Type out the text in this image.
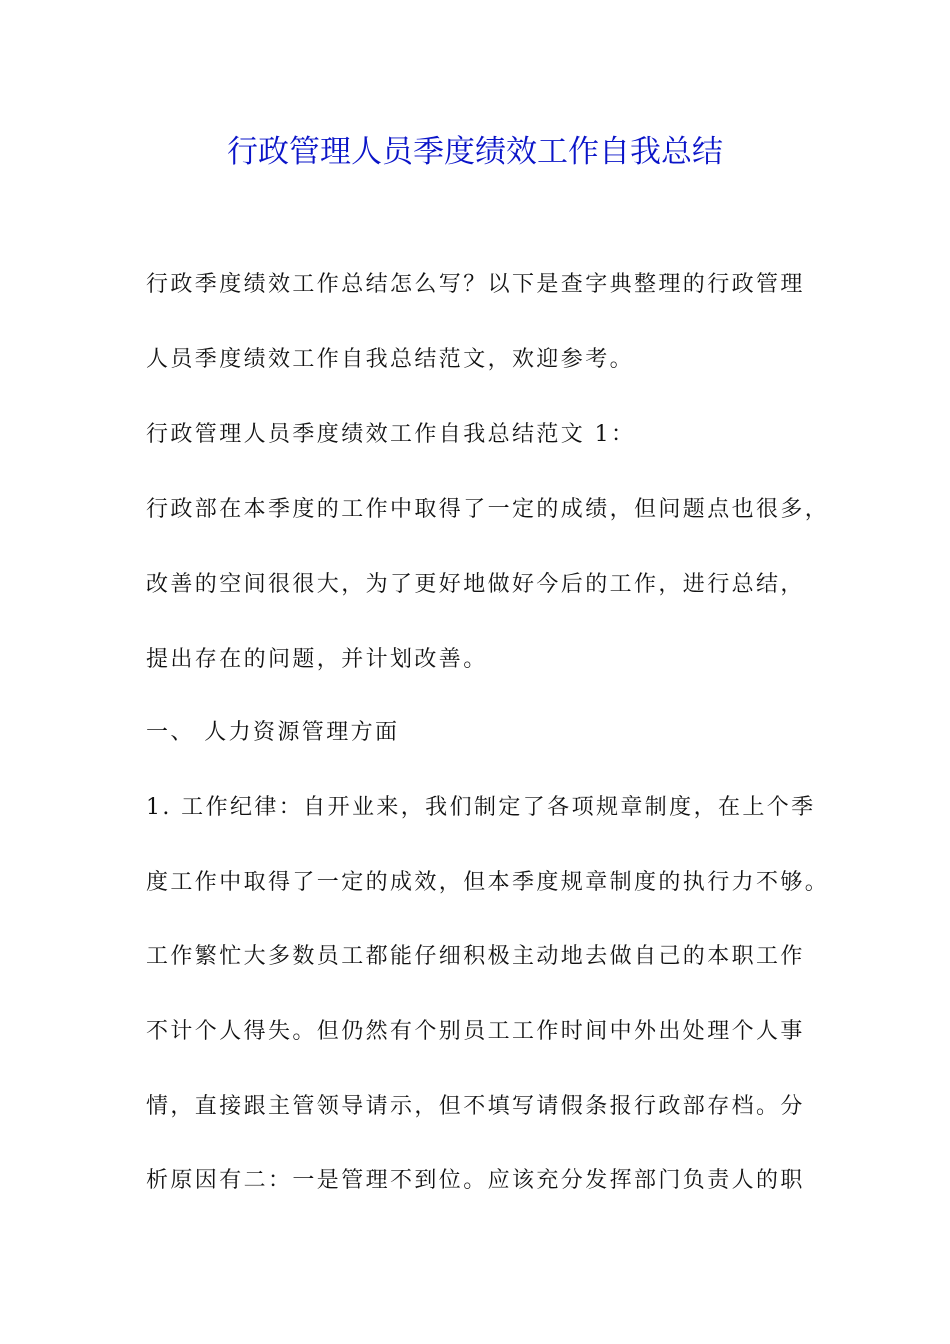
行政管理人员季度绩效工作自我总结
行政季度绩效工作总结怎么写？以下是查字典整理的行政管理
人员季度绩效工作自我总结范文，欢迎参考。
行政管理人员季度绩效工作自我总结范文 1：
行政部在本季度的工作中取得了一定的成绩，但问题点也很多，
改善的空间很很大，为了更好地做好今后的工作，进行总结，
提出存在的问题，并计划改善。
一、 人力资源管理方面
1. 工作纪律：自开业来，我们制定了各项规章制度，在上个季
度工作中取得了一定的成效，但本季度规章制度的执行力不够。
工作繁忙大多数员工都能仔细积极主动地去做自己的本职工作
不计个人得失。但仍然有个别员工工作时间中外出处理个人事
情，直接跟主管领导请示，但不填写请假条报行政部存档。分
析原因有二：一是管理不到位。应该充分发挥部门负责人的职
